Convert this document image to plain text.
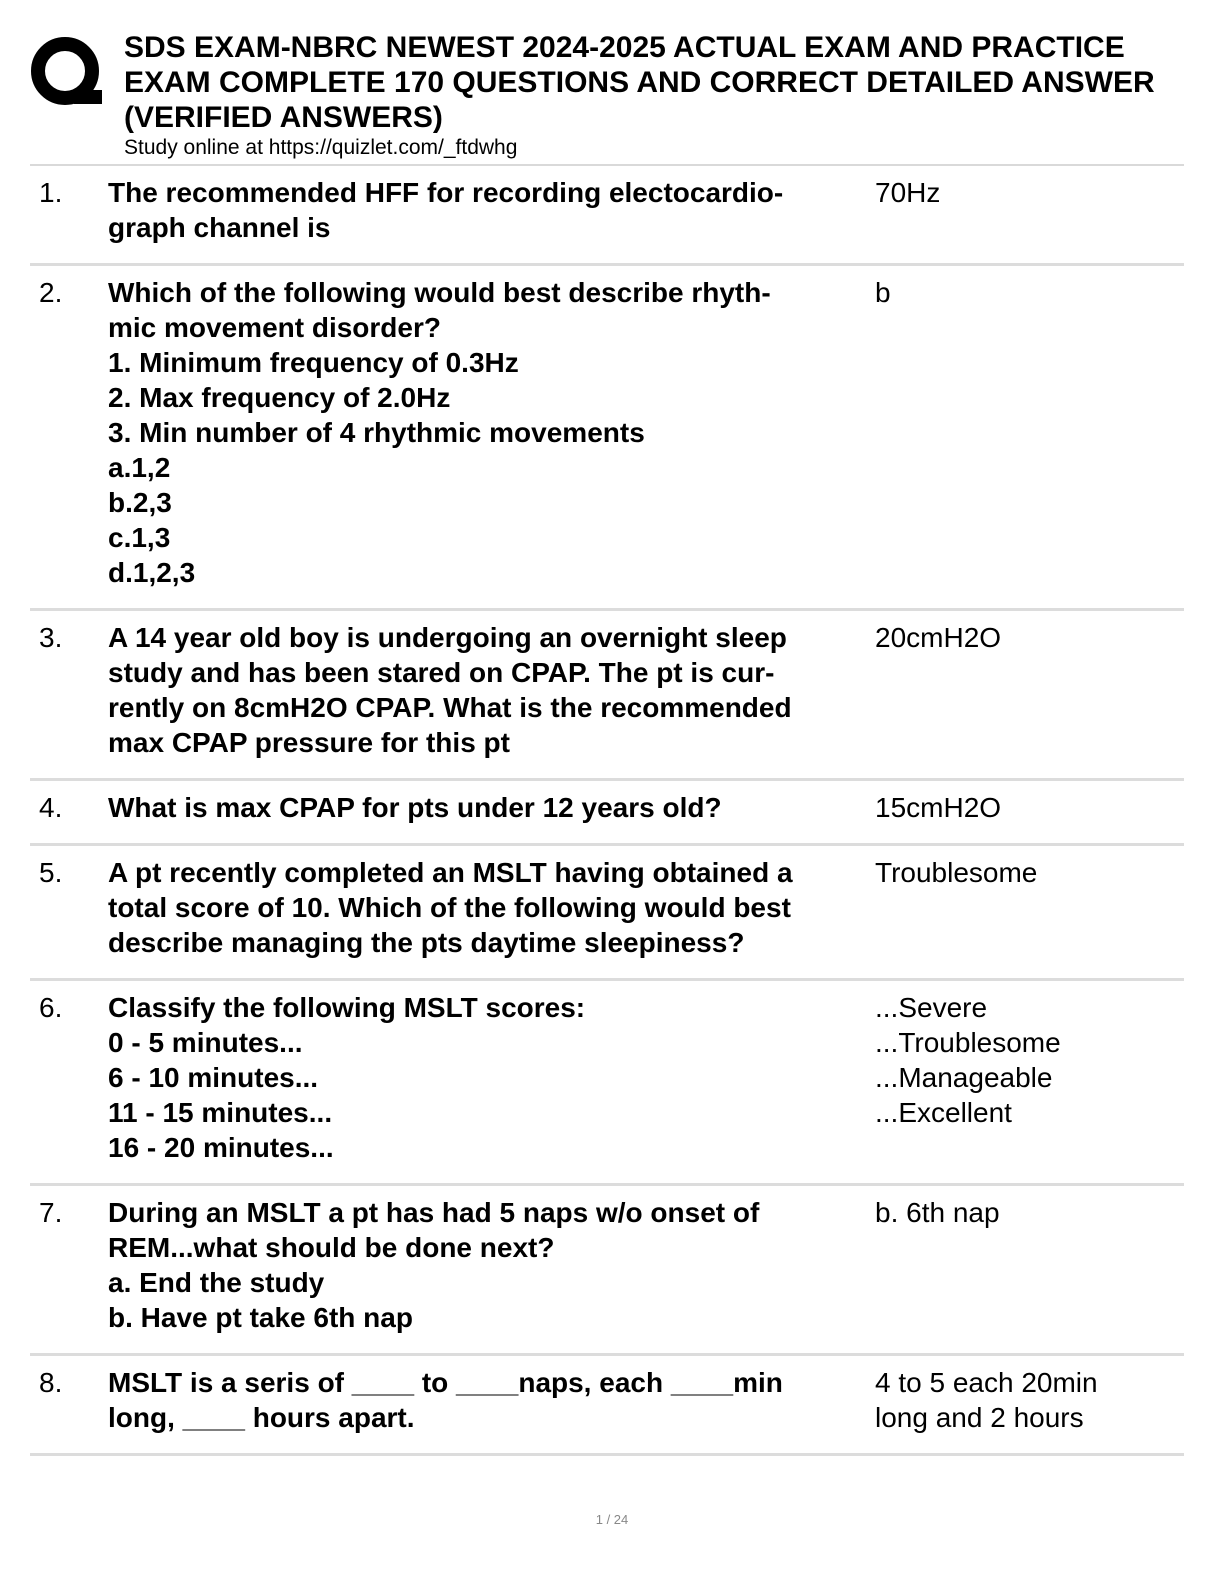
SDS EXAM-NBRC NEWEST 2024-2025 ACTUAL EXAM AND PRACTICE
EXAM COMPLETE 170 QUESTIONS AND CORRECT DETAILED ANSWER
(VERIFIED ANSWERS)
Study online at https://quizlet.com/_ftdwhg
1. The recommended HFF for recording electocardio-
graph channel is
70Hz
2. Which of the following would best describe rhyth-
mic movement disorder?
1. Minimum frequency of 0.3Hz
2. Max frequency of 2.0Hz
3. Min number of 4 rhythmic movements
a.1,2
b.2,3
c.1,3
d.1,2,3
b
3. A 14 year old boy is undergoing an overnight sleep
study and has been stared on CPAP. The pt is cur-
rently on 8cmH2O CPAP. What is the recommended
max CPAP pressure for this pt
20cmH2O
4. What is max CPAP for pts under 12 years old?	15cmH2O
5. A pt recently completed an MSLT having obtained a
total score of 10. Which of the following would best
describe managing the pts daytime sleepiness?
Troublesome
6. Classify the following MSLT scores:
0 - 5 minutes...
6 - 10 minutes...
11 - 15 minutes...
16 - 20 minutes...
...Severe
...Troublesome
...Manageable
...Excellent
7. During an MSLT a pt has had 5 naps w/o onset of
REM...what should be done next?
a. End the study
b. Have pt take 6th nap
b. 6th nap
8. MSLT is a seris of ____ to ____naps, each ____min
long, ____ hours apart.
4 to 5 each 20min
long and 2 hours
1 / 24
